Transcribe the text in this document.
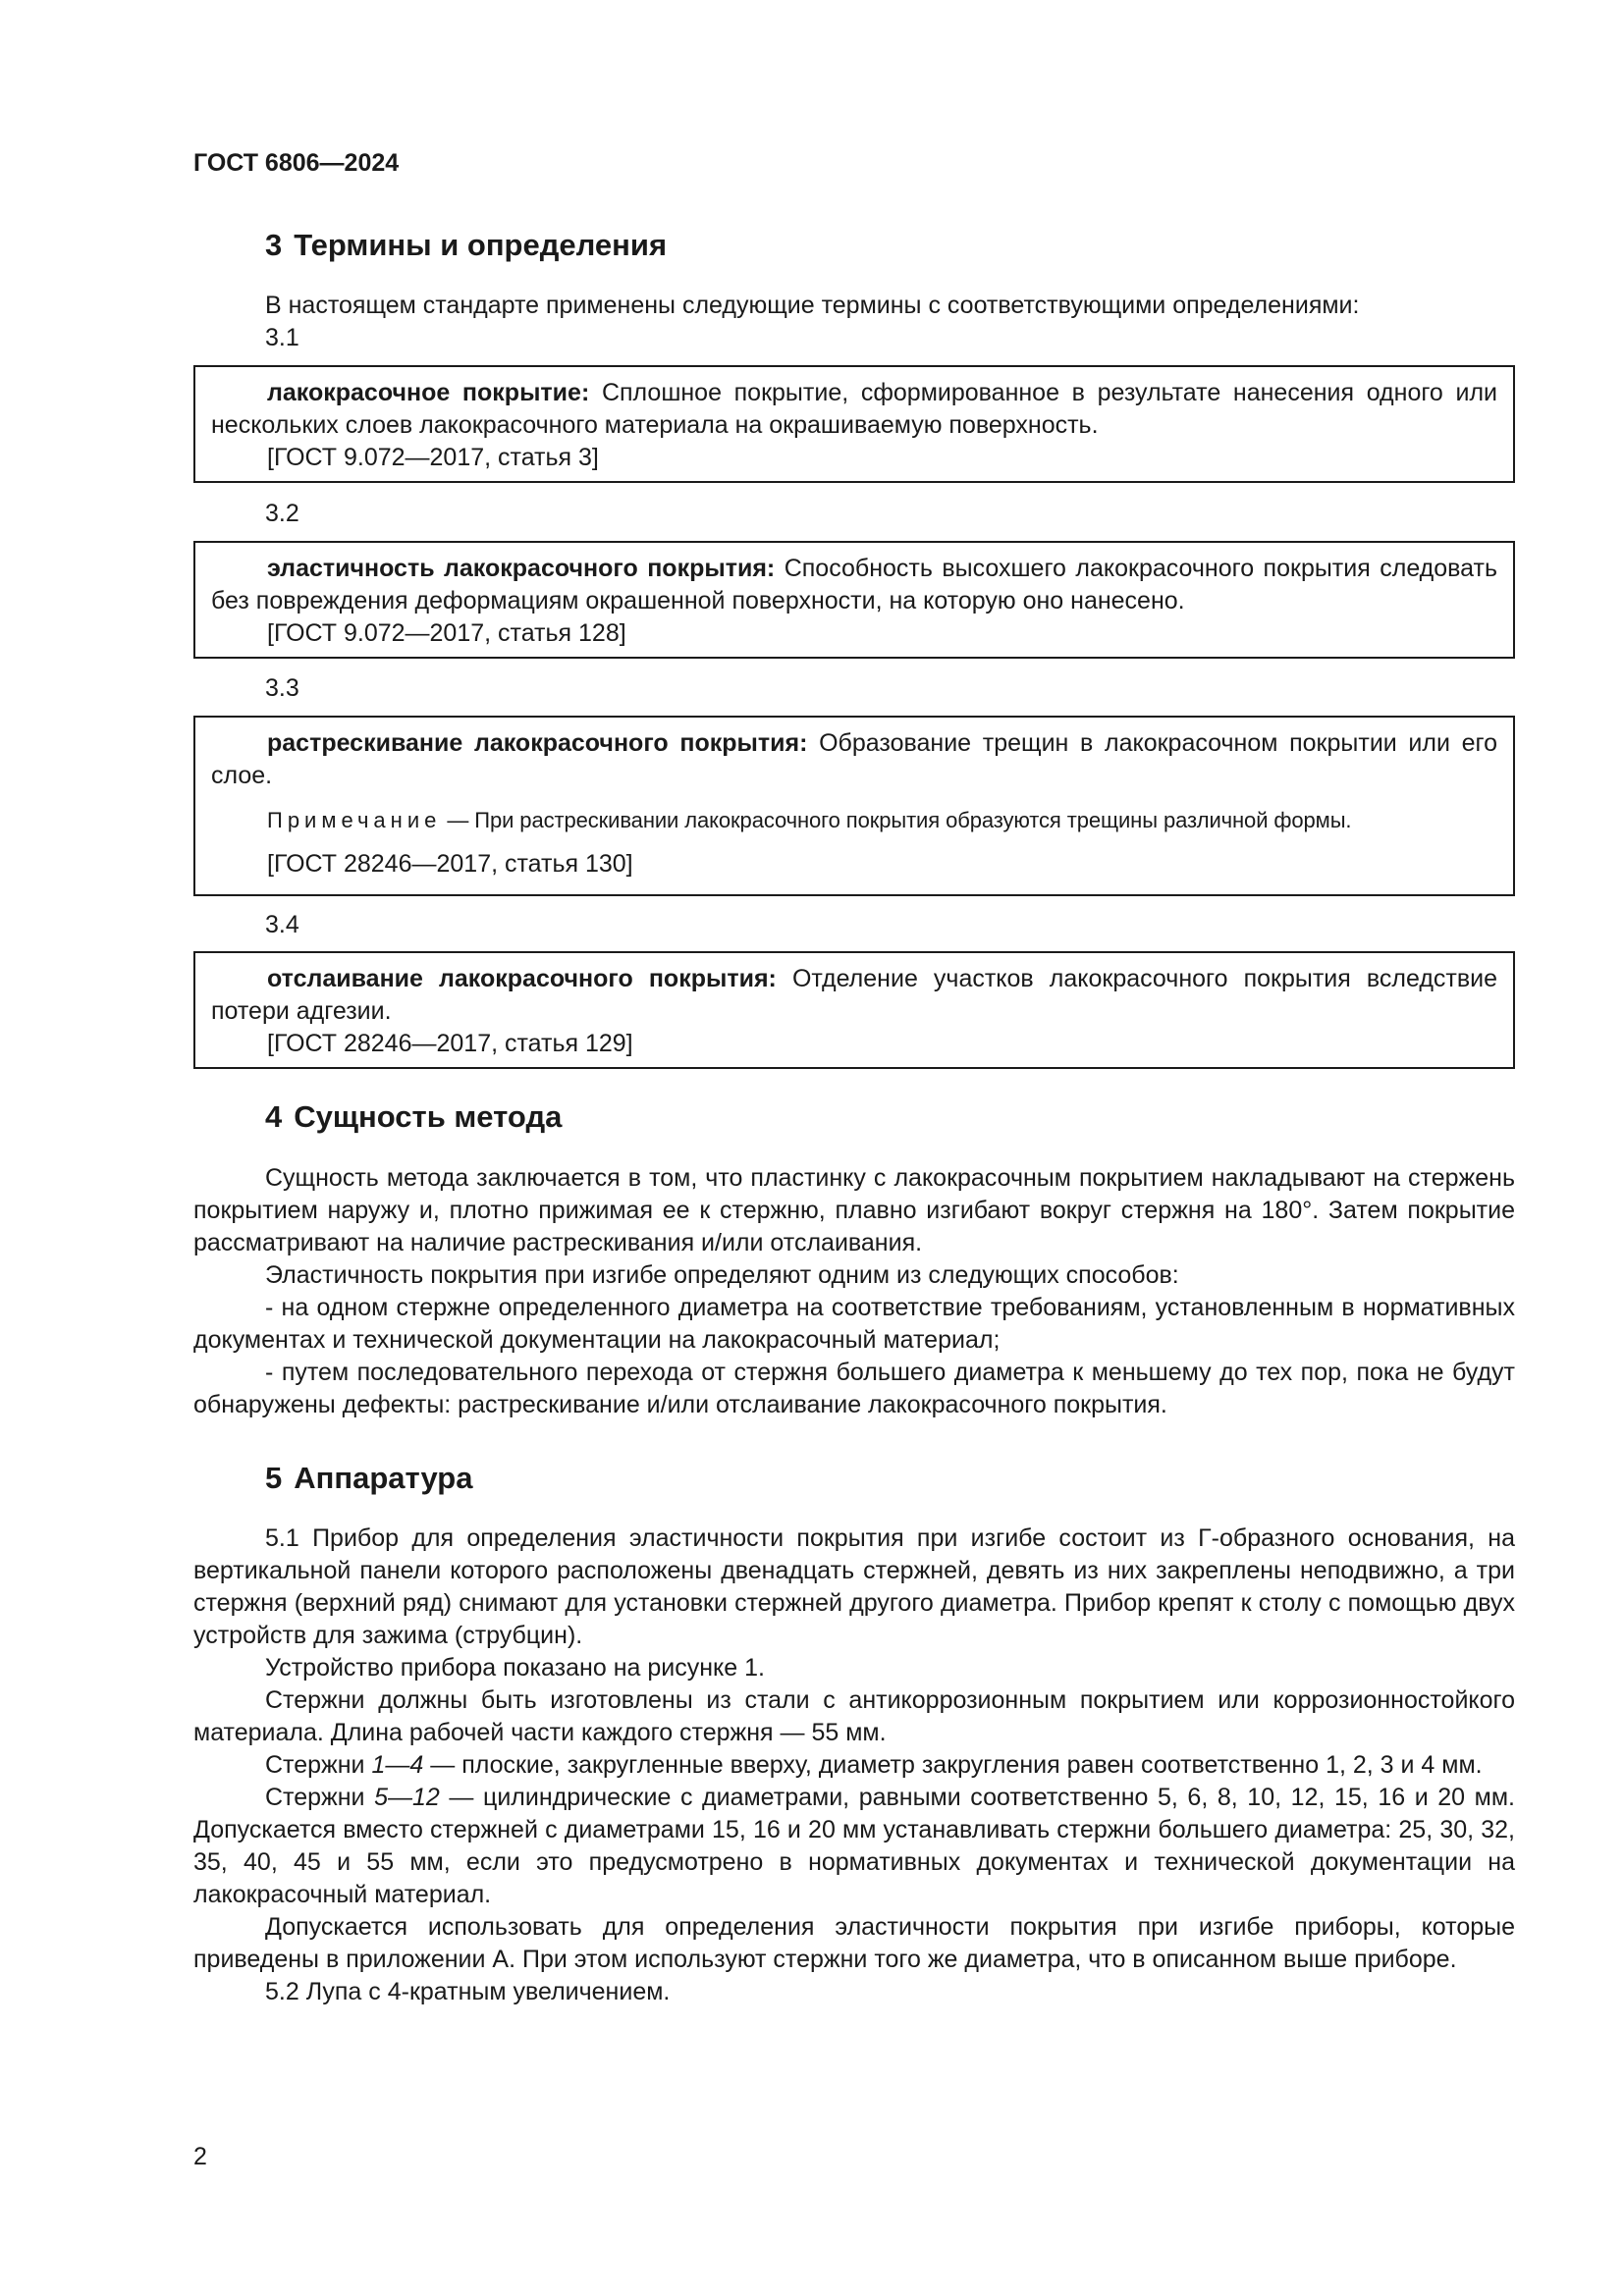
ГОСТ 6806—2024
3 Термины и определения
В настоящем стандарте применены следующие термины с соответствующими определениями:
3.1

лакокрасочное покрытие: Сплошное покрытие, сформированное в результате нанесения одного или нескольких слоев лакокрасочного материала на окрашиваемую поверхность.

[ГОСТ 9.072—2017, статья 3]

3.2

эластичность лакокрасочного покрытия: Способность высохшего лакокрасочного покрытия следовать без повреждения деформациям окрашенной поверхности, на которую оно нанесено.

[ГОСТ 9.072—2017, статья 128]

3.3

растрескивание лакокрасочного покрытия: Образование трещин в лакокрасочном покрытии или его слое.

Примечание — При растрескивании лакокрасочного покрытия образуются трещины различной формы.

[ГОСТ 28246—2017, статья 130]

3.4

отслаивание лакокрасочного покрытия: Отделение участков лакокрасочного покрытия вследствие потери адгезии.

[ГОСТ 28246—2017, статья 129]

4 Сущность метода

Сущность метода заключается в том, что пластинку с лакокрасочным покрытием накладывают на стержень покрытием наружу и, плотно прижимая ее к стержню, плавно изгибают вокруг стержня на 180°. Затем покрытие рассматривают на наличие растрескивания и/или отслаивания.

Эластичность покрытия при изгибе определяют одним из следующих способов:

- на одном стержне определенного диаметра на соответствие требованиям, установленным в нормативных документах и технической документации на лакокрасочный материал;

- путем последовательного перехода от стержня большего диаметра к меньшему до тех пор, пока не будут обнаружены дефекты: растрескивание и/или отслаивание лакокрасочного покрытия.

5 Аппаратура

5.1 Прибор для определения эластичности покрытия при изгибе состоит из Г-образного основания, на вертикальной панели которого расположены двенадцать стержней, девять из них закреплены неподвижно, а три стержня (верхний ряд) снимают для установки стержней другого диаметра. Прибор крепят к столу с помощью двух устройств для зажима (струбцин).

Устройство прибора показано на рисунке 1.

Стержни должны быть изготовлены из стали с антикоррозионным покрытием или коррозионностойкого материала. Длина рабочей части каждого стержня — 55 мм.

Стержни 1—4 — плоские, закругленные вверху, диаметр закругления равен соответственно 1, 2, 3 и 4 мм.

Стержни 5—12 — цилиндрические с диаметрами, равными соответственно 5, 6, 8, 10, 12, 15, 16 и 20 мм. Допускается вместо стержней с диаметрами 15, 16 и 20 мм устанавливать стержни большего диаметра: 25, 30, 32, 35, 40, 45 и 55 мм, если это предусмотрено в нормативных документах и технической документации на лакокрасочный материал.

Допускается использовать для определения эластичности покрытия при изгибе приборы, которые приведены в приложении А. При этом используют стержни того же диаметра, что в описанном выше приборе.

5.2 Лупа с 4-кратным увеличением.

2
